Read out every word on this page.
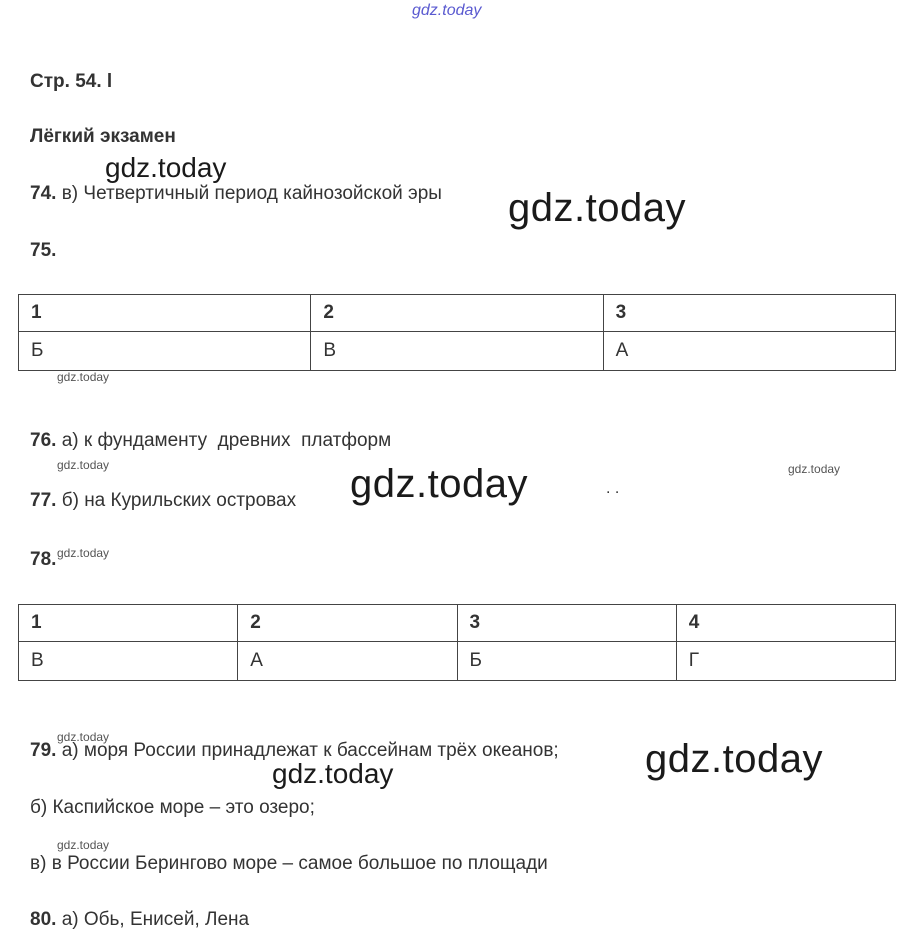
gdz.today
gdz.today
gdz.today
gdz.today
gdz.today	gdz.today
gdz.today
gdz.today
gdz.today	gdz.today
gdz.today
gdz.today
Стр. 54. l
Лёгкий экзамен
74. в) Четвертичный период кайнозойской эры
75.
1	2	3
Б	В	А
76. а) к фундаменту  древних  платформ
77. б) на Курильских островах
. .
78.
1	2	3	4
В	А	Б	Г
79. а) моря России принадлежат к бассейнам трёх океанов;
б) Каспийское море – это озеро;
в) в России Берингово море – самое большое по площади
80. а) Обь, Енисей, Лена
